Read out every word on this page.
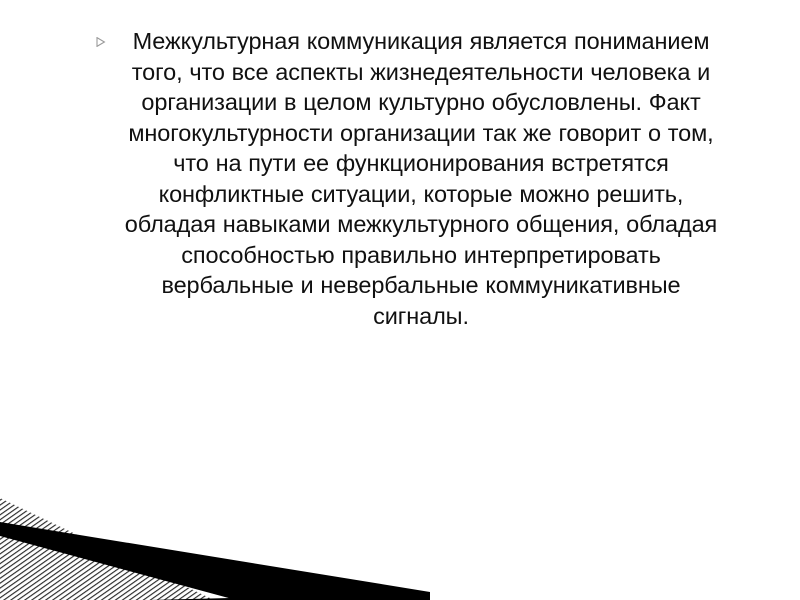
Межкультурная коммуникация является пониманием того, что все аспекты жизнедеятельности человека и организации в целом культурно обусловлены. Факт многокультурности организации так же говорит о том, что на пути ее функционирования встретятся конфликтные ситуации, которые можно решить, обладая навыками межкультурного общения, обладая способностью правильно интерпретировать вербальные и невербальные коммуникативные сигналы.
